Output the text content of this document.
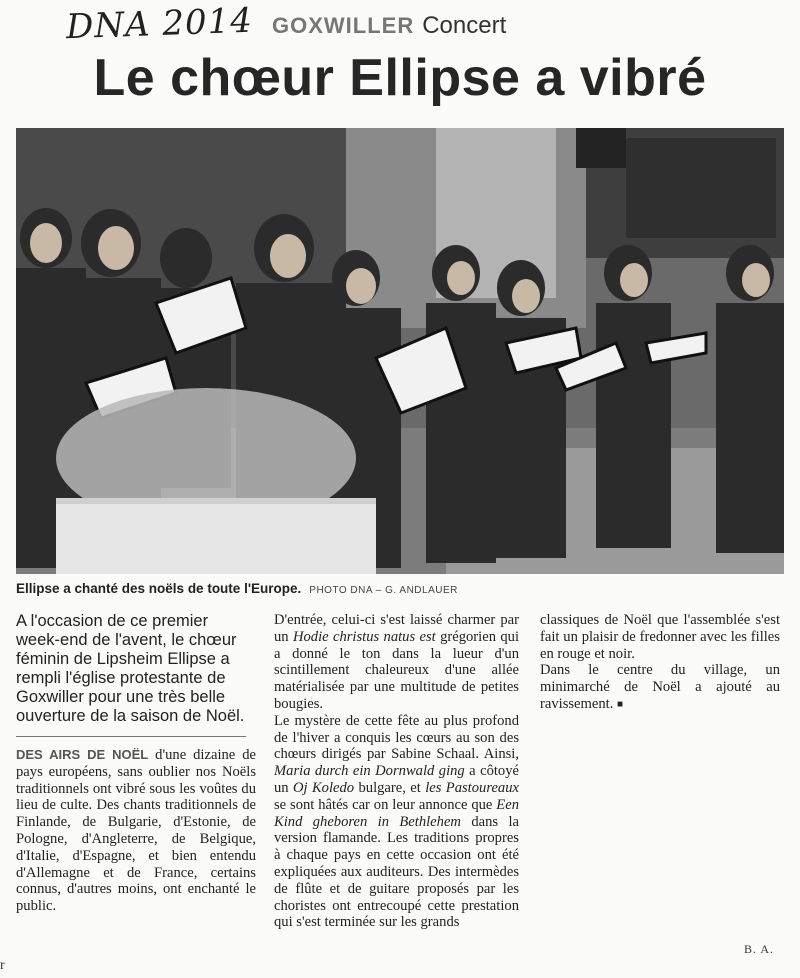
DNA 2014 GOXWILLER Concert
Le chœur Ellipse a vibré
Ellipse a chanté des noëls de toute l'Europe. PHOTO DNA – G. ANDLAUER

A l'occasion de ce premier week-end de l'avent, le chœur féminin de Lipsheim Ellipse a rempli l'église protestante de Goxwiller pour une très belle ouverture de la saison de Noël.

DES AIRS DE NOËL d'une dizaine de pays européens, sans oublier nos Noëls traditionnels ont vibré sous les voûtes du lieu de culte. Des chants traditionnels de Finlande, de Bulgarie, d'Estonie, de Pologne, d'Angleterre, de Belgique, d'Italie, d'Espagne, et bien entendu d'Allemagne et de France, certains connus, d'autres moins, ont enchanté le public.

D'entrée, celui-ci s'est laissé charmer par un Hodie christus natus est grégorien qui a donné le ton dans la lueur d'un scintillement chaleureux d'une allée matérialisée par une multitude de petites bougies.

Le mystère de cette fête au plus profond de l'hiver a conquis les cœurs au son des chœurs dirigés par Sabine Schaal. Ainsi, Maria durch ein Dornwald ging a côtoyé un Oj Koledo bulgare, et les Pastoureaux se sont hâtés car on leur annonce que Een Kind gheboren in Bethlehem dans la version flamande. Les traditions propres à chaque pays en cette occasion ont été expliquées aux auditeurs. Des intermèdes de flûte et de guitare proposés par les choristes ont entrecoupé cette prestation qui s'est terminée sur les grands

classiques de Noël que l'assemblée s'est fait un plaisir de fredonner avec les filles en rouge et noir.

Dans le centre du village, un minimarché de Noël a ajouté au ravissement. ■

B. A.
r
